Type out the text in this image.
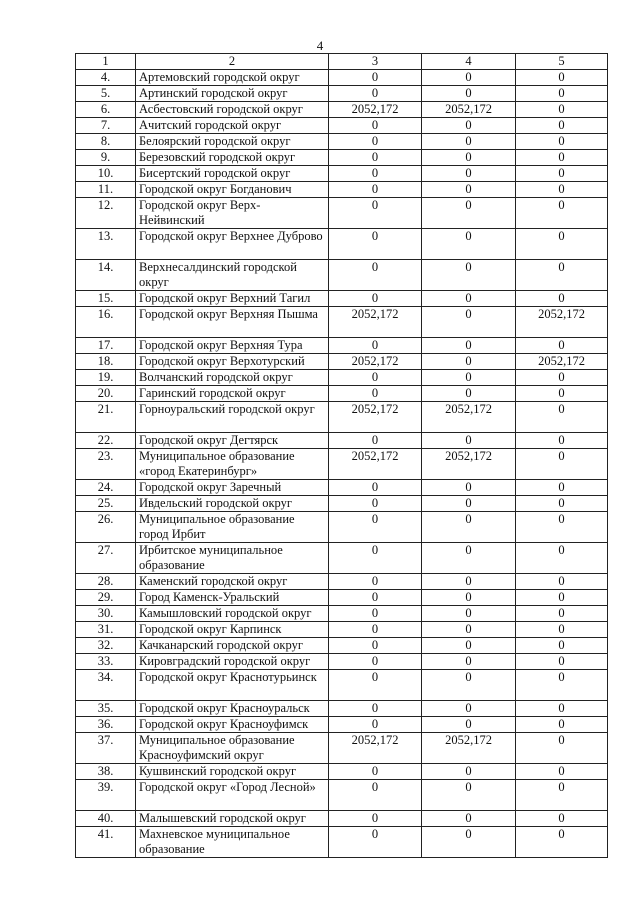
4
1	2	3	4	5
4.	Артемовский городской округ	0	0	0
5.	Артинский городской округ	0	0	0
6.	Асбестовский городской округ	2052,172	2052,172	0
7.	Ачитский городской округ	0	0	0
8.	Белоярский городской округ	0	0	0
9.	Березовский городской округ	0	0	0
10.	Бисертский городской округ	0	0	0
11.	Городской округ Богданович	0	0	0
12.	Городской округ Верх-Нейвинский	0	0	0
13.	Городской округ Верхнее Дуброво	0	0	0
14.	Верхнесалдинский городской округ	0	0	0
15.	Городской округ Верхний Тагил	0	0	0
16.	Городской округ Верхняя Пышма	2052,172	0	2052,172
17.	Городской округ Верхняя Тура	0	0	0
18.	Городской округ Верхотурский	2052,172	0	2052,172
19.	Волчанский городской округ	0	0	0
20.	Гаринский городской округ	0	0	0
21.	Горноуральский городской округ	2052,172	2052,172	0
22.	Городской округ Дегтярск	0	0	0
23.	Муниципальное образование «город Екатеринбург»	2052,172	2052,172	0
24.	Городской округ Заречный	0	0	0
25.	Ивдельский городской округ	0	0	0
26.	Муниципальное образование город Ирбит	0	0	0
27.	Ирбитское муниципальное образование	0	0	0
28.	Каменский городской округ	0	0	0
29.	Город Каменск-Уральский	0	0	0
30.	Камышловский городской округ	0	0	0
31.	Городской округ Карпинск	0	0	0
32.	Качканарский городской округ	0	0	0
33.	Кировградский городской округ	0	0	0
34.	Городской округ Краснотурьинск	0	0	0
35.	Городской округ Красноуральск	0	0	0
36.	Городской округ Красноуфимск	0	0	0
37.	Муниципальное образование Красноуфимский округ	2052,172	2052,172	0
38.	Кушвинский городской округ	0	0	0
39.	Городской округ «Город Лесной»	0	0	0
40.	Малышевский городской округ	0	0	0
41.	Махневское муниципальное образование	0	0	0
